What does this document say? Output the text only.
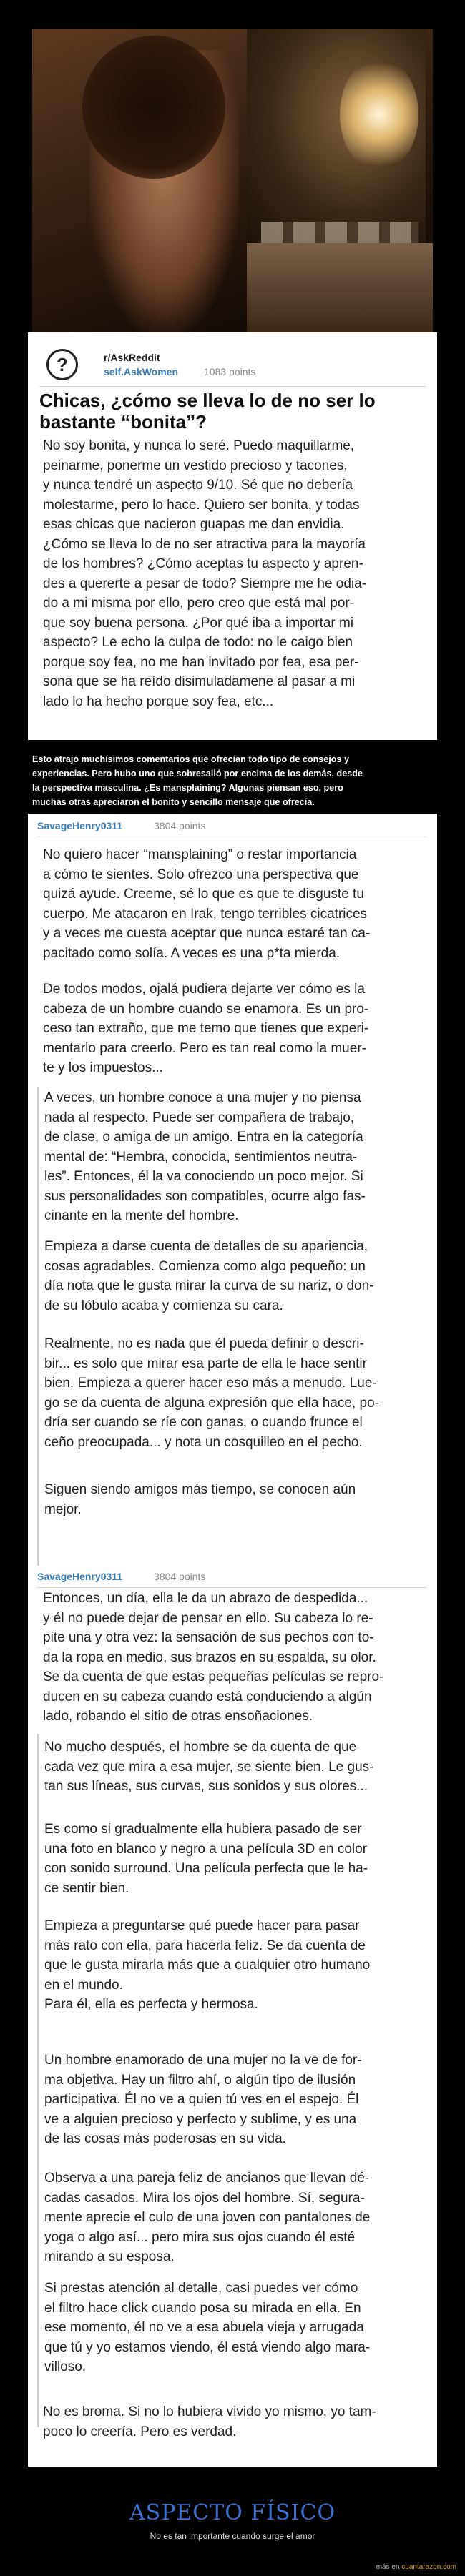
?
r/AskReddit
self.AskWomen	1083 points
Chicas, ¿cómo se lleva lo de no ser lo bastante “bonita”?
No soy bonita, y nunca lo seré. Puedo maquillarme,
peinarme, ponerme un vestido precioso y tacones,
y nunca tendré un aspecto 9/10. Sé que no debería
molestarme, pero lo hace. Quiero ser bonita, y todas
esas chicas que nacieron guapas me dan envidia.
¿Cómo se lleva lo de no ser atractiva para la mayoría
de los hombres? ¿Cómo aceptas tu aspecto y apren-
des a quererte a pesar de todo? Siempre me he odia-
do a mi misma por ello, pero creo que está mal por-
que soy buena persona. ¿Por qué iba a importar mi
aspecto? Le echo la culpa de todo: no le caigo bien
porque soy fea, no me han invitado por fea, esa per-
sona que se ha reído disimuladamene al pasar a mi
lado lo ha hecho porque soy fea, etc...
Esto atrajo muchísimos comentarios que ofrecían todo tipo de consejos y
experiencias. Pero hubo uno que sobresalió por encima de los demás, desde
la perspectiva masculina. ¿Es mansplaining? Algunas piensan eso, pero
muchas otras apreciaron el bonito y sencillo mensaje que ofrecía.
SavageHenry0311	3804 points
No quiero hacer “mansplaining” o restar importancia
a cómo te sientes. Solo ofrezco una perspectiva que
quizá ayude. Creeme, sé lo que es que te disguste tu
cuerpo. Me atacaron en Irak, tengo terribles cicatrices
y a veces me cuesta aceptar que nunca estaré tan ca-
pacitado como solía. A veces es una p*ta mierda.
De todos modos, ojalá pudiera dejarte ver cómo es la
cabeza de un hombre cuando se enamora. Es un pro-
ceso tan extraño, que me temo que tienes que experi-
mentarlo para creerlo. Pero es tan real como la muer-
te y los impuestos...
A veces, un hombre conoce a una mujer y no piensa
nada al respecto. Puede ser compañera de trabajo,
de clase, o amiga de un amigo. Entra en la categoría
mental de: “Hembra, conocida, sentimientos neutra-
les”. Entonces, él la va conociendo un poco mejor. Si
sus personalidades son compatibles, ocurre algo fas-
cinante en la mente del hombre.
Empieza a darse cuenta de detalles de su apariencia,
cosas agradables. Comienza como algo pequeño: un
día nota que le gusta mirar la curva de su nariz, o don-
de su lóbulo acaba y comienza su cara.
Realmente, no es nada que él pueda definir o descri-
bir... es solo que mirar esa parte de ella le hace sentir
bien. Empieza a querer hacer eso más a menudo. Lue-
go se da cuenta de alguna expresión que ella hace, po-
dría ser cuando se ríe con ganas, o cuando frunce el
ceño preocupada... y nota un cosquilleo en el pecho.
Siguen siendo amigos más tiempo, se conocen aún
mejor.
SavageHenry0311	3804 points
Entonces, un día, ella le da un abrazo de despedida...
y él no puede dejar de pensar en ello. Su cabeza lo re-
pite una y otra vez: la sensación de sus pechos con to-
da la ropa en medio, sus brazos en su espalda, su olor.
Se da cuenta de que estas pequeñas películas se repro-
ducen en su cabeza cuando está conduciendo a algún
lado, robando el sitio de otras ensoñaciones.
No mucho después, el hombre se da cuenta de que
cada vez que mira a esa mujer, se siente bien. Le gus-
tan sus líneas, sus curvas, sus sonidos y sus olores...
Es como si gradualmente ella hubiera pasado de ser
una foto en blanco y negro a una película 3D en color
con sonido surround. Una película perfecta que le ha-
ce sentir bien.
Empieza a preguntarse qué puede hacer para pasar
más rato con ella, para hacerla feliz. Se da cuenta de
que le gusta mirarla más que a cualquier otro humano
en el mundo.
Para él, ella es perfecta y hermosa.
Un hombre enamorado de una mujer no la ve de for-
ma objetiva. Hay un filtro ahí, o algún tipo de ilusión
participativa. Él no ve a quien tú ves en el espejo. Él
ve a alguien precioso y perfecto y sublime, y es una
de las cosas más poderosas en su vida.
Observa a una pareja feliz de ancianos que llevan dé-
cadas casados. Mira los ojos del hombre. Sí, segura-
mente aprecie el culo de una joven con pantalones de
yoga o algo así... pero mira sus ojos cuando él esté
mirando a su esposa.
Si prestas atención al detalle, casi puedes ver cómo
el filtro hace click cuando posa su mirada en ella. En
ese momento, él no ve a esa abuela vieja y arrugada
que tú y yo estamos viendo, él está viendo algo mara-
villoso.
No es broma. Si no lo hubiera vivido yo mismo, yo tam-
poco lo creería. Pero es verdad.
ASPECTO FÍSICO
No es tan importante cuando surge el amor
más en cuantarazon.com
